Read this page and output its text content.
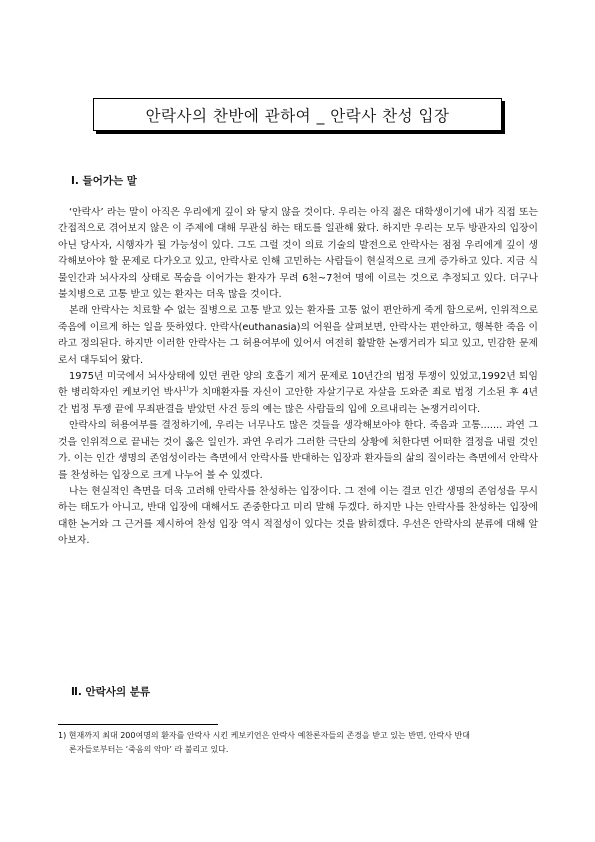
안락사의 찬반에 관하여 _ 안락사 찬성 입장
Ⅰ. 들어가는 말

‘안락사’ 라는 말이 아직은 우리에게 깊이 와 닿지 않을 것이다. 우리는 아직 젊은 대학생이기에 내가 직접 또는 간접적으로 겪어보지 않은 이 주제에 대해 무관심 하는 태도를 일관해 왔다. 하지만 우리는 모두 방관자의 입장이 아닌 당사자, 시행자가 될 가능성이 있다. 그도 그럴 것이 의료 기술의 발전으로 안락사는 점점 우리에게 깊이 생각해보아야 할 문제로 다가오고 있고, 안락사로 인해 고민하는 사람들이 현실적으로 크게 증가하고 있다. 지금 식물인간과 뇌사자의 상태로 목숨을 이어가는 환자가 무려 6천~7천여 명에 이르는 것으로 추정되고 있다. 더구나 불치병으로 고통 받고 있는 환자는 더욱 많을 것이다.

본래 안락사는 치료할 수 없는 질병으로 고통 받고 있는 환자를 고통 없이 편안하게 죽게 함으로써, 인위적으로 죽음에 이르게 하는 일을 뜻하였다. 안락사(euthanasia)의 어원을 살펴보면, 안락사는 편안하고, 행복한 죽음 이라고 정의된다. 하지만 이러한 안락사는 그 허용여부에 있어서 여전히 활발한 논쟁거리가 되고 있고, 민감한 문제로서 대두되어 왔다.

1975년 미국에서 뇌사상태에 있던 퀸란 양의 호흡기 제거 문제로 10년간의 법정 투쟁이 있었고,1992년 퇴임한 병리학자인 케보키언 박사$^{1)}$가 치매환자를 자신이 고안한 자살기구로 자살을 도와준 죄로 법정 기소된 후 4년간 법정 투쟁 끝에 무죄판결을 받았던 사건 등의 예는 많은 사람들의 입에 오르내리는 논쟁거리이다.

안락사의 허용여부를 결정하기에, 우리는 너무나도 많은 것들을 생각해보아야 한다. 죽음과 고통....... 과연 그것을 인위적으로 끝내는 것이 옳은 일인가. 과연 우리가 그러한 극단의 상황에 처한다면 어떠한 결정을 내릴 것인가. 이는 인간 생명의 존엄성이라는 측면에서 안락사를 반대하는 입장과 환자들의 삶의 질이라는 측면에서 안락사를 찬성하는 입장으로 크게 나누어 볼 수 있겠다.

나는 현실적인 측면을 더욱 고려해 안락사를 찬성하는 입장이다. 그 전에 이는 결코 인간 생명의 존엄성을 무시하는 태도가 아니고, 반대 입장에 대해서도 존중한다고 미리 말해 두겠다. 하지만 나는 안락사를 찬성하는 입장에 대한 논거와 그 근거를 제시하여 찬성 입장 역시 적절성이 있다는 것을 밝히겠다. 우선은 안락사의 분류에 대해 알아보자.

Ⅱ. 안락사의 분류
1) 현재까지 최대 200여명의 환자를 안락사 시킨 케보키언은 안락사 예찬론자들의 존경을 받고 있는 반면, 안락사 반대
론자들로부터는 ‘죽음의 악마’ 라 불리고 있다.
